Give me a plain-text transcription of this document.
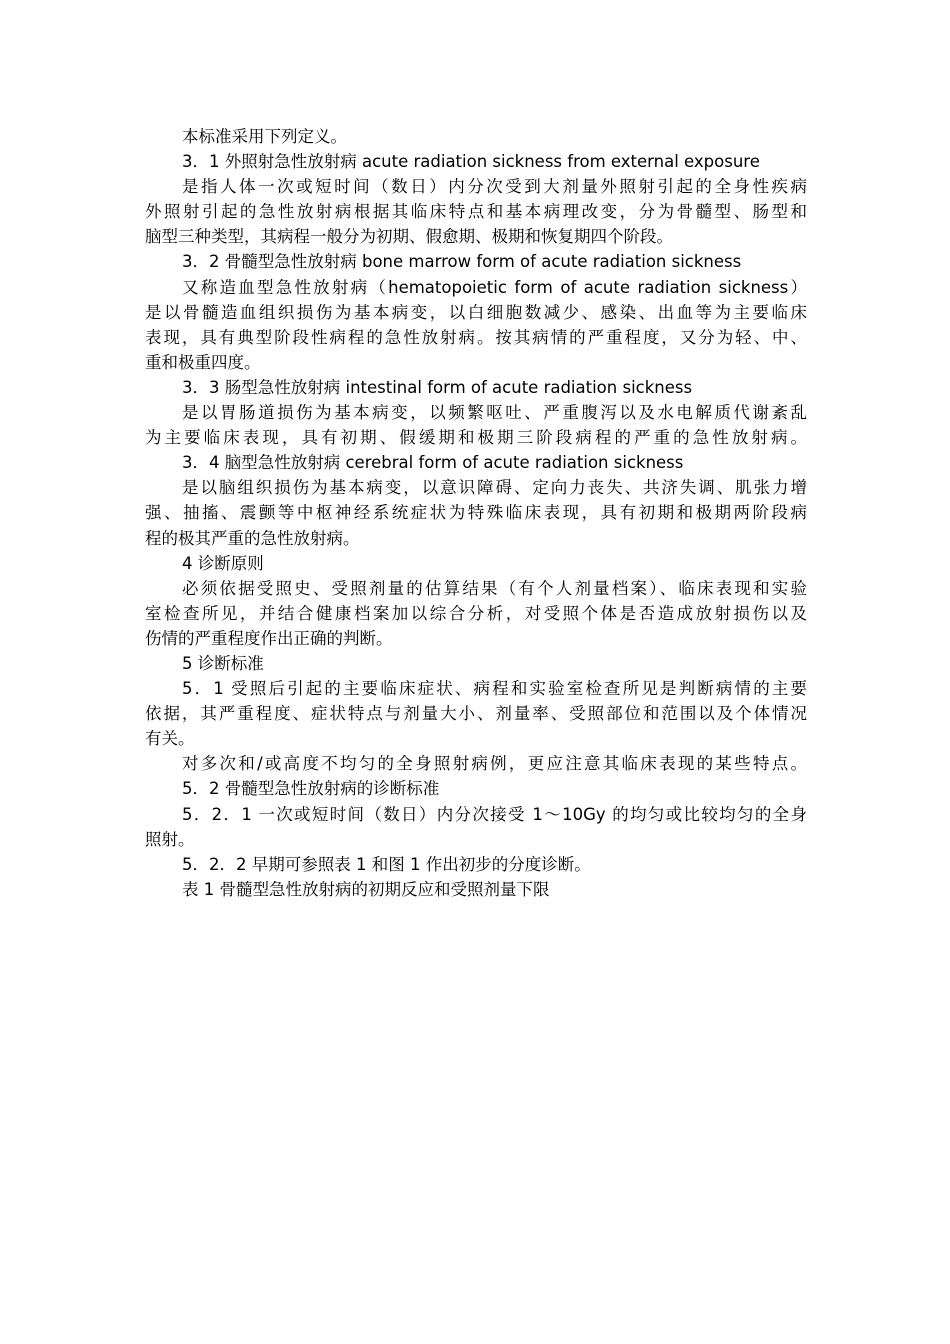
本标准采用下列定义。
3．1 外照射急性放射病 acute radiation sickness from external exposure
是指人体一次或短时间（数日）内分次受到大剂量外照射引起的全身性疾病
外照射引起的急性放射病根据其临床特点和基本病理改变，分为骨髓型、肠型和
脑型三种类型，其病程一般分为初期、假愈期、极期和恢复期四个阶段。
3．2 骨髓型急性放射病 bone marrow form of acute radiation sickness
又称造血型急性放射病（hematopoietic form of acute radiation sickness）
是以骨髓造血组织损伤为基本病变，以白细胞数减少、感染、出血等为主要临床
表现，具有典型阶段性病程的急性放射病。按其病情的严重程度，又分为轻、中、
重和极重四度。
3．3 肠型急性放射病 intestinal form of acute radiation sickness
是以胃肠道损伤为基本病变，以频繁呕吐、严重腹泻以及水电解质代谢紊乱
为主要临床表现，具有初期、假缓期和极期三阶段病程的严重的急性放射病。
3．4 脑型急性放射病 cerebral form of acute radiation sickness
是以脑组织损伤为基本病变，以意识障碍、定向力丧失、共济失调、肌张力增
强、抽搐、震颤等中枢神经系统症状为特殊临床表现，具有初期和极期两阶段病
程的极其严重的急性放射病。
4 诊断原则
必须依据受照史、受照剂量的估算结果（有个人剂量档案）、临床表现和实验
室检查所见，并结合健康档案加以综合分析，对受照个体是否造成放射损伤以及
伤情的严重程度作出正确的判断。
5 诊断标准
5．1 受照后引起的主要临床症状、病程和实验室检查所见是判断病情的主要
依据，其严重程度、症状特点与剂量大小、剂量率、受照部位和范围以及个体情况
有关。
对多次和/或高度不均匀的全身照射病例，更应注意其临床表现的某些特点。
5．2 骨髓型急性放射病的诊断标准
5．2．1 一次或短时间（数日）内分次接受 1～10Gy 的均匀或比较均匀的全身
照射。
5．2．2 早期可参照表 1 和图 1 作出初步的分度诊断。
表 1 骨髓型急性放射病的初期反应和受照剂量下限
